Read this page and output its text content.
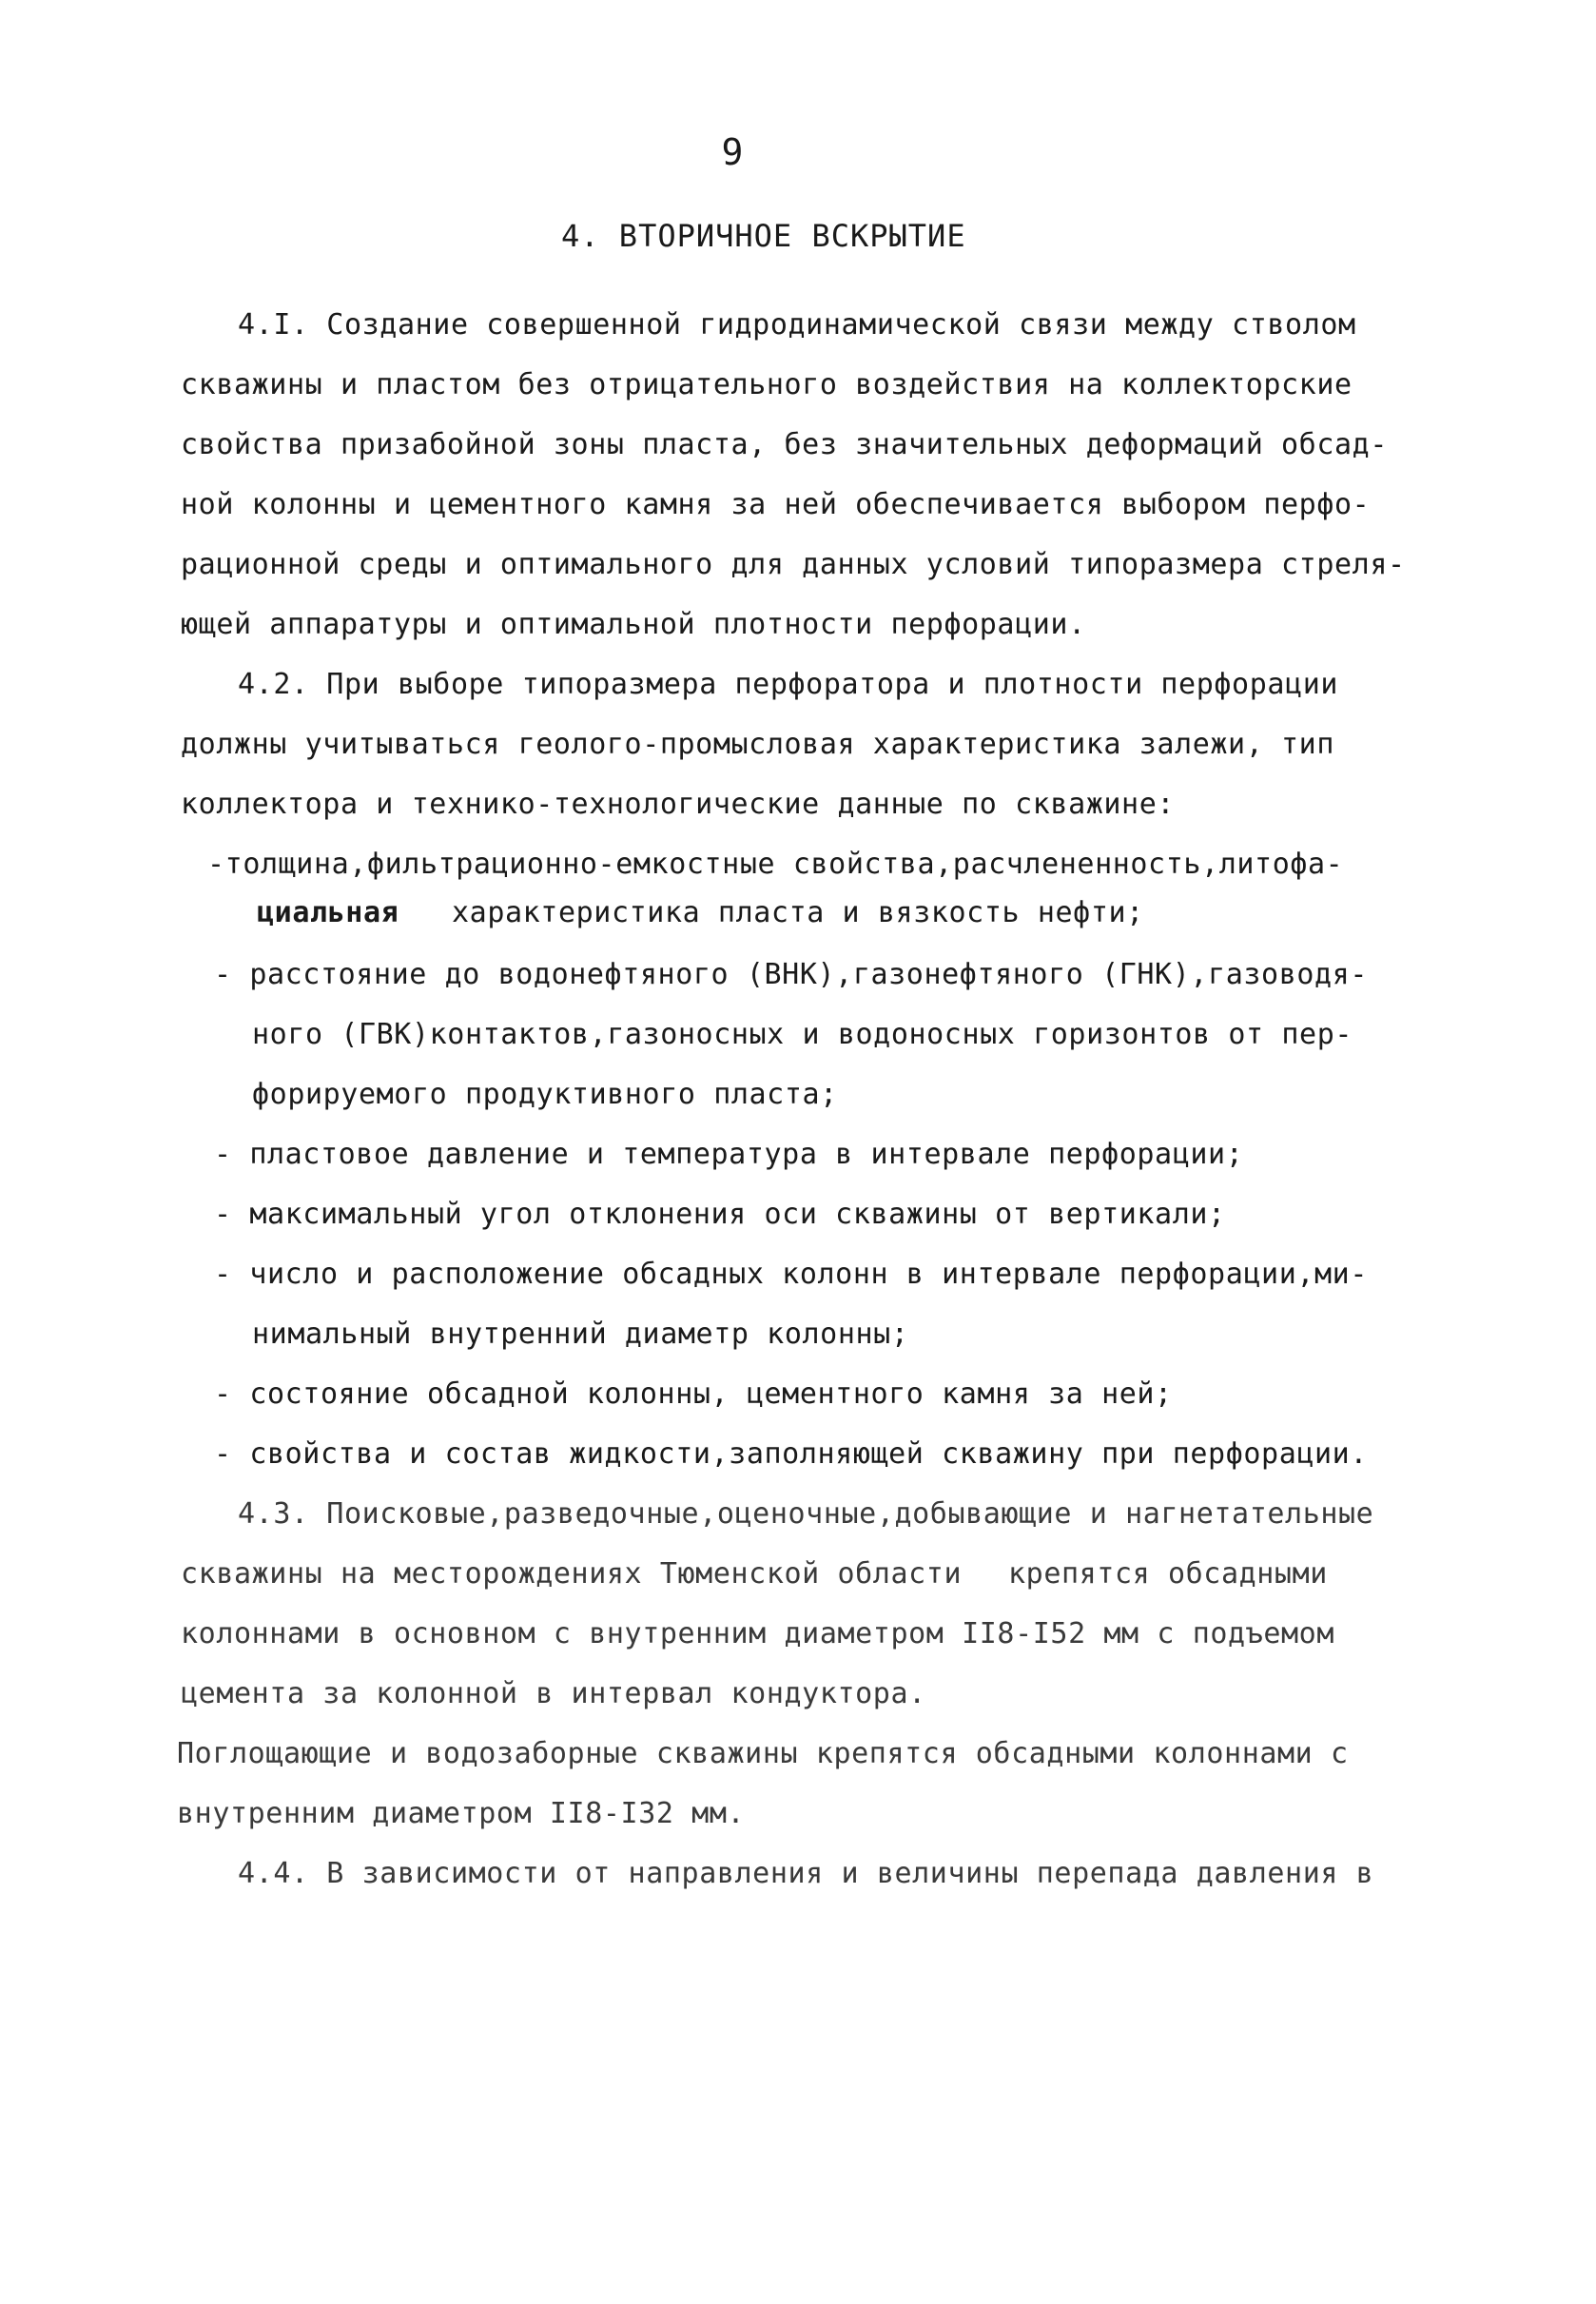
9
4. ВТОРИЧНОЕ ВСКРЫТИЕ

4.I. Создание совершенной гидродинамической связи между стволом

скважины и пластом без отрицательного воздействия на коллекторские

свойства призабойной зоны пласта, без значительных деформаций обсад-

ной колонны и цементного камня за ней обеспечивается выбором перфо-

рационной среды и оптимального для данных условий типоразмера стреля-

ющей аппаратуры и оптимальной плотности перфорации.

4.2. При выборе типоразмера перфоратора и плотности перфорации

должны учитываться геолого-промысловая характеристика залежи, тип

коллектора и технико-технологические данные по скважине:

-толщина,фильтрационно-емкостные свойства,расчлененность,литофа-

циальная характеристика пласта и вязкость нефти;

- расстояние до водонефтяного (ВНК),газонефтяного (ГНК),газоводя-

ного (ГВК)контактов,газоносных и водоносных горизонтов от пер-

форируемого продуктивного пласта;

- пластовое давление и температура в интервале перфорации;

- максимальный угол отклонения оси скважины от вертикали;

- число и расположение обсадных колонн в интервале перфорации,ми-

нимальный внутренний диаметр колонны;

- состояние обсадной колонны, цементного камня за ней;

- свойства и состав жидкости,заполняющей скважину при перфорации.

4.3. Поисковые,разведочные,оценочные,добывающие и нагнетательные

скважины на месторождениях Тюменской области крепятся обсадными

колоннами в основном с внутренним диаметром II8-I52 мм с подъемом

цемента за колонной в интервал кондуктора.

Поглощающие и водозаборные скважины крепятся обсадными колоннами с

внутренним диаметром II8-I32 мм.

4.4. В зависимости от направления и величины перепада давления в
